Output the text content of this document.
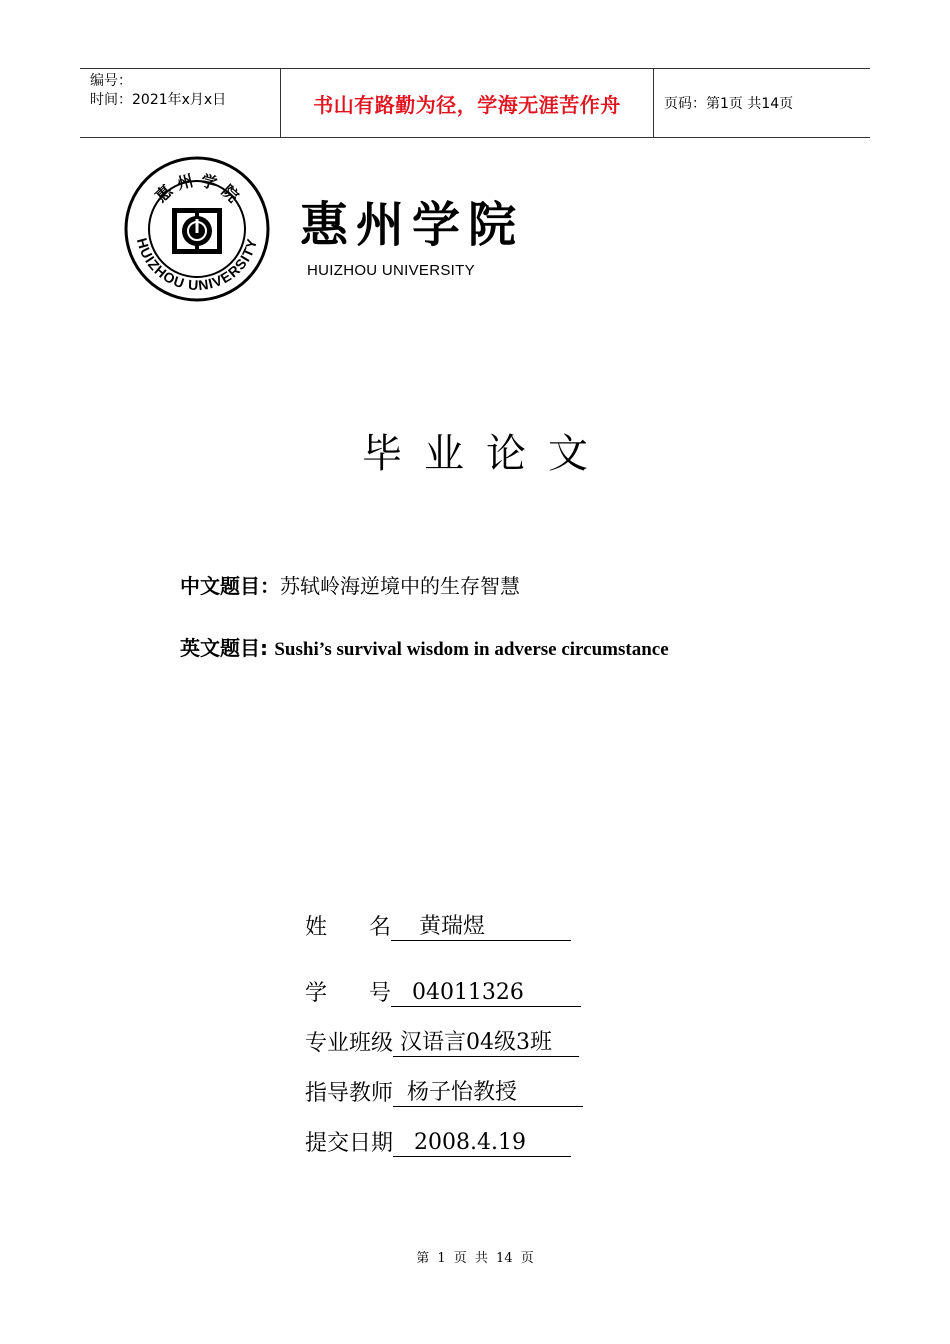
编号：
时间：2021年x月x日	书山有路勤为径，学海无涯苦作舟	页码：第1页 共14页
惠 州 学 院
HUIZHOU UNIVERSITY 惠州学院
HUIZHOU UNIVERSITY
毕业论文
中文题目：苏轼岭海逆境中的生存智慧
英文题目: Sushi’s survival wisdom in adverse circumstance
姓      名 黄瑞煜
学      号 04011326
专业班级 汉语言04级3班
指导教师 杨子怡教授
提交日期 2008.4.19
第 1 页 共 14 页
